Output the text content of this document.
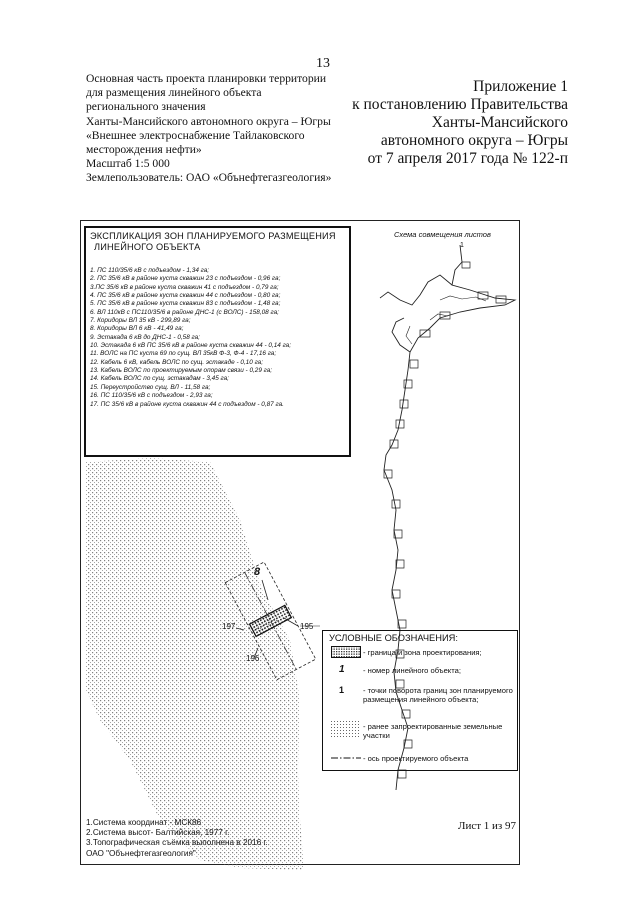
13
Основная часть проекта планировки территории
для размещения линейного объекта
регионального значения
Ханты-Мансийского автономного округа – Югры
«Внешнее электроснабжение Тайлаковского
месторождения нефти»
Масштаб 1:5 000
Землепользователь: ОАО «Обънефтегазгеология»
Приложение 1
к постановлению Правительства
Ханты-Мансийского
автономного округа – Югры
от 7 апреля 2017 года № 122-п
Схема совмещения листов
1
8
195
196
197
ЭКСПЛИКАЦИЯ ЗОН ПЛАНИРУЕМОГО РАЗМЕЩЕНИЯ
ЛИНЕЙНОГО ОБЪЕКТА
1. ПС 110/35/6 кВ с подъездом - 1,34 га;
2. ПС 35/6 кВ в районе куста скважин 23 с подъездом - 0,96 га;
3.ПС 35/6 кВ в районе куста скважин 41 с подъездом - 0,79 га;
4. ПС 35/6 кВ в районе куста скважин 44 с подъездом - 0,80 га;
5. ПС 35/6 кВ в районе куста скважин 83 с подъездом - 1,48 га;
6. ВЛ 110кВ с ПС110/35/6 в районе ДНС-1 (с ВОЛС) - 158,08 га;
7. Коридоры ВЛ 35 кВ - 299,89 га;
8. Коридоры ВЛ 6 кВ - 41,49 га;
9. Эстакада 6 кВ до ДНС-1 - 0,58 га;
10. Эстакада 6 кВ ПС 35/6 кВ в районе куста скважин 44 - 0,14 га;
11. ВОЛС на ПС куста 69 по сущ. ВЛ 35кВ Ф-3, Ф-4 - 17,16 га;
12. Кабель 6 кВ, кабель ВОЛС по сущ. эстакаде - 0,10 га;
13. Кабель ВОЛС по проектируемым опорам связи - 0,29 га;
14. Кабель ВОЛС по сущ. эстакадам - 3,45 га;
15. Переустройство сущ. ВЛ - 11,58 га;
16. ПС 110/35/6 кВ с подъездом - 2,93 га;
17. ПС 35/6 кВ в районе куста скважин 44 с подъездом - 0,87 га.
УСЛОВНЫЕ ОБОЗНАЧЕНИЯ:
- граница и зона проектирования;
1 - номер линейного объекта;
1 - точки поворота границ зон планируемого размещения линейного объекта;
- ранее запроектированные земельные участки
- ось проектируемого объекта
1.Система координат - МСК86
2.Система высот- Балтийская, 1977 г.
3.Топографическая съёмка выполнена в 2016 г.
ОАО "Обънефтегазгеология"
Лист 1 из 97
